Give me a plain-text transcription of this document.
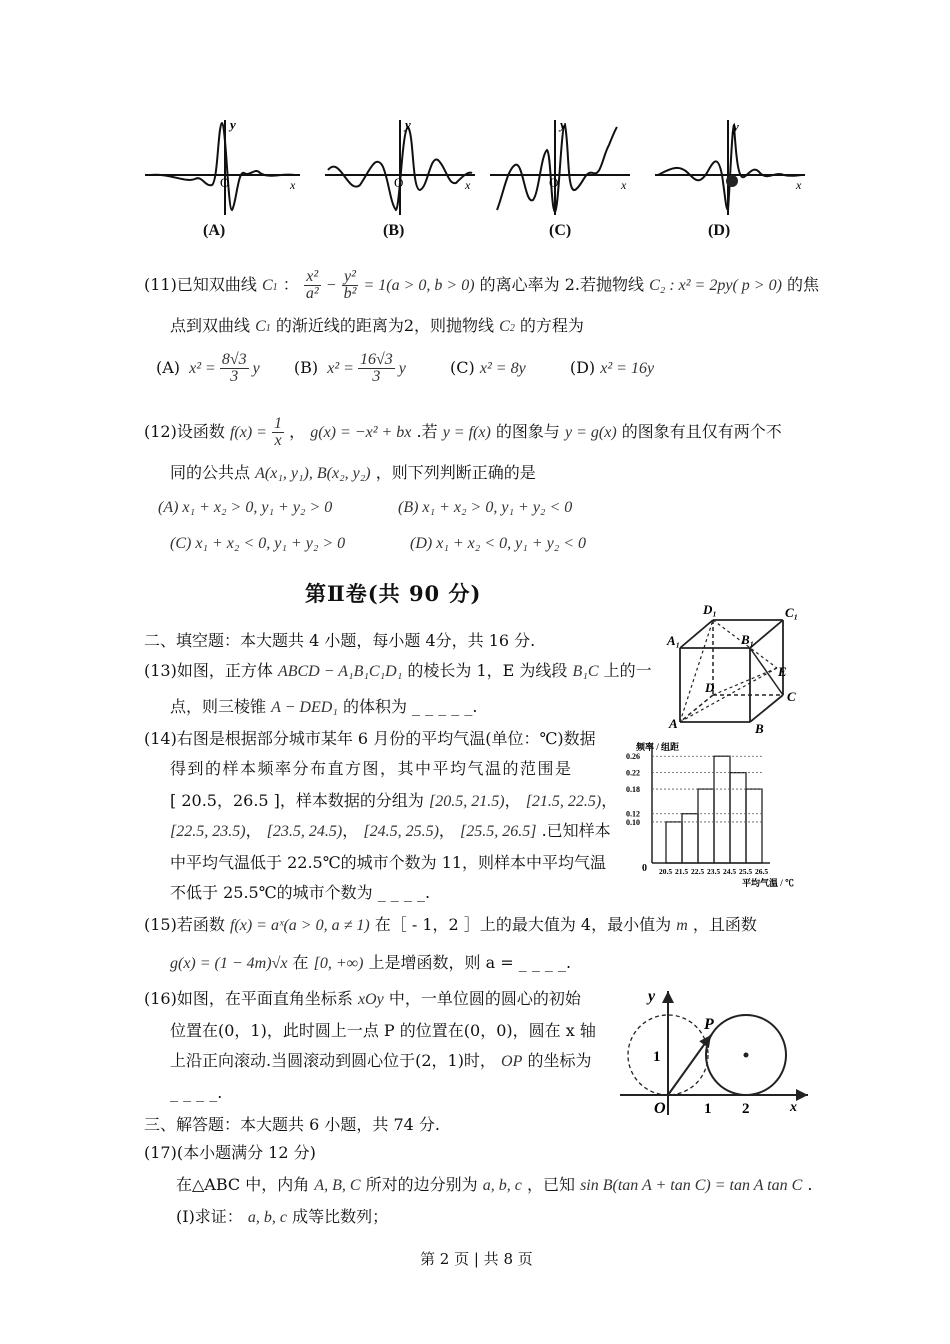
y
x
O
y
x
O
y
x
O
y
x
(A)	(B)	(C)	(D)
(11)已知双曲线 C1 ： $\frac{\text{x²}}{\text{a²}} - \frac{\text{y²}}{\text{b²}} = 1(a > 0$, b > 0) 的离心率为 2.若抛物线 C₂ : x² = 2py( p > 0) 的焦
点到双曲线 C1 的渐近线的距离为2，则抛物线 C2 的方程为
(A)  $x^2 = \frac{8√3}{3}$ y (B)  $x^2 = \frac{16√3}{3}$ y	(C) x² = 8y	(D) x² = 16y
(12)设函数 $f(x) = \frac{1}{x}$ ， g(x) = −x² + bx .若 y = f(x) 的图象与 y = g(x) 的图象有且仅有两个不
同的公共点 A(x₁, y₁), B(x₂, y₂) ，则下列判断正确的是
(A) x₁ + x₂ > 0, y₁ + y₂ > 0	(B) x₁ + x₂ > 0, y₁ + y₂ < 0
(C) x₁ + x₂ < 0, y₁ + y₂ > 0	(D) x₁ + x₂ < 0, y₁ + y₂ < 0
第Ⅱ卷(共 90 分)
二、填空题：本大题共 4 小题，每小题 4分，共 16 分.
(13)如图，正方体 ABCD − A₁B₁C₁D₁ 的棱长为 1，E 为线段 B₁C 上的一
点，则三棱锥 A − DED₁ 的体积为 _ _ _ _ _.
D₁	C₁
A₁	B₁
E
D
C
A	B
(14)右图是根据部分城市某年 6 月份的平均气温(单位：℃)数据
得到的样本频率分布直方图，其中平均气温的范围是
[ 20.5，26.5 ]，样本数据的分组为 [20.5, 21.5)， [21.5, 22.5)，
[22.5, 23.5)， [23.5, 24.5)， [24.5, 25.5)， [25.5, 26.5] .已知样本
中平均气温低于 22.5℃的城市个数为 11，则样本中平均气温
不低于 25.5℃的城市个数为 _ _ _ _.
频率 / 组距
平均气温 / ℃
0
0.26
0.22
0.18
0.12
0.10
20.5 21.5 22.5 23.5 24.5 25.5 26.5
(15)若函数 f(x) = aˣ(a > 0, a ≠ 1) 在［ - 1，2 ］上的最大值为 4，最小值为 m ，且函数
g(x) = (1 − 4m)√x 在 [0, +∞) 上是增函数，则 a = _ _ _ _.
(16)如图，在平面直角坐标系 xOy 中，一单位圆的圆心的初始
位置在(0，1)，此时圆上一点 P 的位置在(0，0)，圆在 x 轴
上沿正向滚动.当圆滚动到圆心位于(2，1)时， OP 的坐标为
_ _ _ _.
y
x
P
O
1
1 2
三、解答题：本大题共 6 小题，共 74 分.
(17)(本小题满分 12 分)
在△ABC 中，内角 A, B, C 所对的边分别为 a, b, c ，已知 sin B(tan A + tan C) = tan A tan C .
(Ⅰ)求证： a, b, c 成等比数列；
第 2 页 | 共 8 页
